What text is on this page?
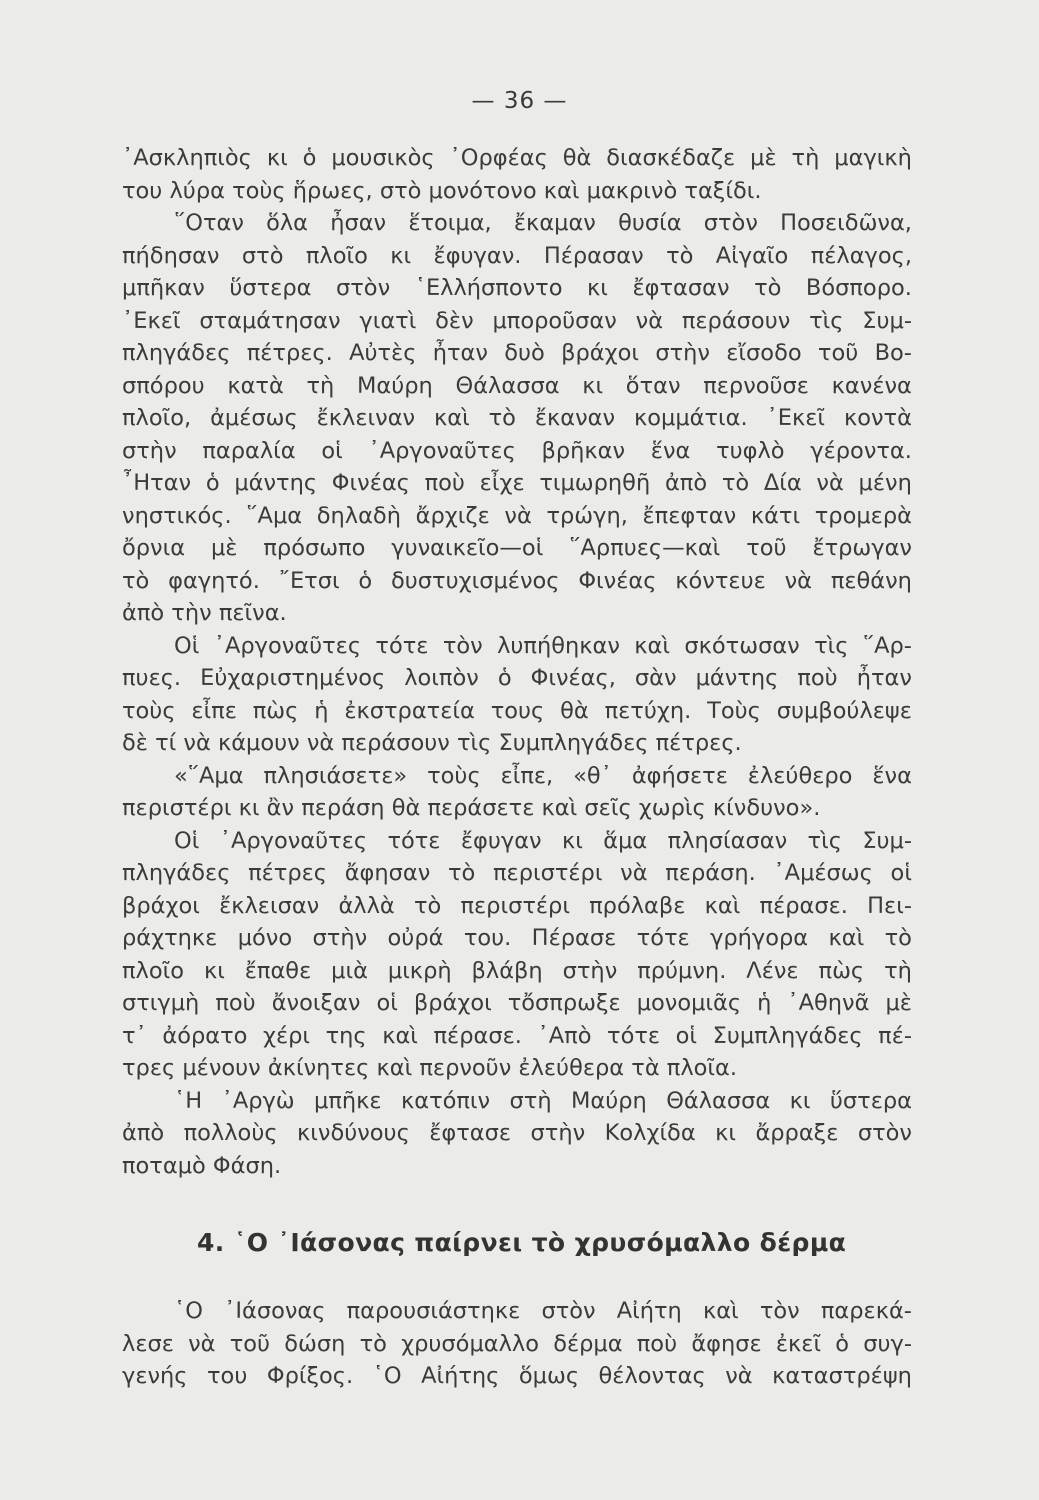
— 36 —
᾿Ασκληπιὸς κι ὁ μουσικὸς ᾿Ορφέας θὰ διασκέδαζε μὲ τὴ μαγικὴ
του λύρα τοὺς ἥρωες, στὸ μονότονο καὶ μακρινὸ ταξίδι.
῞Οταν ὅλα ἦσαν ἕτοιμα, ἔκαμαν θυσία στὸν Ποσειδῶνα,
πήδησαν στὸ πλοῖο κι ἔφυγαν. Πέρασαν τὸ Αἰγαῖο πέλαγος,
μπῆκαν ὕστερα στὸν ῾Ελλήσποντο κι ἔφτασαν τὸ Βόσπορο.
᾿Εκεῖ σταμάτησαν γιατὶ δὲν μποροῦσαν νὰ περάσουν τὶς Συμ-
πληγάδες πέτρες. Αὐτὲς ἦταν δυὸ βράχοι στὴν εἴσοδο τοῦ Βο-
σπόρου κατὰ τὴ Μαύρη Θάλασσα κι ὅταν περνοῦσε κανένα
πλοῖο, ἀμέσως ἔκλειναν καὶ τὸ ἔκαναν κομμάτια. ᾿Εκεῖ κοντὰ
στὴν παραλία οἱ ᾿Αργοναῦτες βρῆκαν ἕνα τυφλὸ γέροντα.
῏Ηταν ὁ μάντης Φινέας ποὺ εἶχε τιμωρηθῆ ἀπὸ τὸ Δία νὰ μένη
νηστικός. ῞Αμα δηλαδὴ ἄρχιζε νὰ τρώγη, ἔπεφταν κάτι τρομερὰ
ὄρνια μὲ πρόσωπο γυναικεῖο—οἱ ῞Αρπυες—καὶ τοῦ ἔτρωγαν
τὸ φαγητό. ῎Ετσι ὁ δυστυχισμένος Φινέας κόντευε νὰ πεθάνη
ἀπὸ τὴν πεῖνα.
Οἱ ᾿Αργοναῦτες τότε τὸν λυπήθηκαν καὶ σκότωσαν τὶς ῞Αρ-
πυες. Εὐχαριστημένος λοιπὸν ὁ Φινέας, σὰν μάντης ποὺ ἦταν
τοὺς εἶπε πὼς ἡ ἐκστρατεία τους θὰ πετύχη. Τοὺς συμβούλεψε
δὲ τί νὰ κάμουν νὰ περάσουν τὶς Συμπληγάδες πέτρες.
«῞Αμα πλησιάσετε» τοὺς εἶπε, «θ᾿ ἀφήσετε ἐλεύθερο ἕνα
περιστέρι κι ἂν περάση θὰ περάσετε καὶ σεῖς χωρὶς κίνδυνο».
Οἱ ᾿Αργοναῦτες τότε ἔφυγαν κι ἅμα πλησίασαν τὶς Συμ-
πληγάδες πέτρες ἄφησαν τὸ περιστέρι νὰ περάση. ᾿Αμέσως οἱ
βράχοι ἔκλεισαν ἀλλὰ τὸ περιστέρι πρόλαβε καὶ πέρασε. Πει-
ράχτηκε μόνο στὴν οὐρά του. Πέρασε τότε γρήγορα καὶ τὸ
πλοῖο κι ἔπαθε μιὰ μικρὴ βλάβη στὴν πρύμνη. Λένε πὼς τὴ
στιγμὴ ποὺ ἄνοιξαν οἱ βράχοι τὄσπρωξε μονομιᾶς ἡ ᾿Αθηνᾶ μὲ
τ᾿ ἀόρατο χέρι της καὶ πέρασε. ᾿Απὸ τότε οἱ Συμπληγάδες πέ-
τρες μένουν ἀκίνητες καὶ περνοῦν ἐλεύθερα τὰ πλοῖα.
῾Η ᾿Αργὼ μπῆκε κατόπιν στὴ Μαύρη Θάλασσα κι ὕστερα
ἀπὸ πολλοὺς κινδύνους ἔφτασε στὴν Κολχίδα κι ἄρραξε στὸν
ποταμὸ Φάση.
4. ῾Ο ᾿Ιάσονας παίρνει τὸ χρυσόμαλλο δέρμα
῾Ο ᾿Ιάσονας παρουσιάστηκε στὸν Αἰήτη καὶ τὸν παρεκά-
λεσε νὰ τοῦ δώση τὸ χρυσόμαλλο δέρμα ποὺ ἄφησε ἐκεῖ ὁ συγ-
γενής του Φρίξος. ῾Ο Αἰήτης ὅμως θέλοντας νὰ καταστρέψη
